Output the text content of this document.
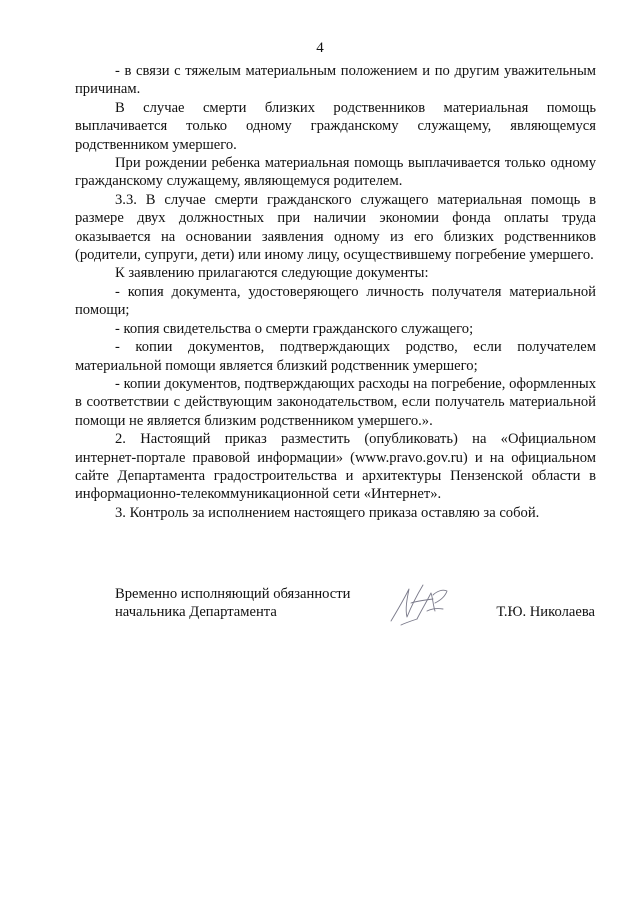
4

- в связи с тяжелым материальным положением и по другим уважительным причинам.

В случае смерти близких родственников материальная помощь выплачивается только одному гражданскому служащему, являющемуся родственником умершего.

При рождении ребенка материальная помощь выплачивается только одному гражданскому служащему, являющемуся родителем.

3.3. В случае смерти гражданского служащего материальная помощь в размере двух должностных при наличии экономии фонда оплаты труда оказывается на основании заявления одному из его близких родственников (родители, супруги, дети) или иному лицу, осуществившему погребение умершего.

К заявлению прилагаются следующие документы:

- копия документа, удостоверяющего личность получателя материальной помощи;

- копия свидетельства о смерти гражданского служащего;

- копии документов, подтверждающих родство, если получателем материальной помощи является близкий родственник умершего;

- копии документов, подтверждающих расходы на погребение, оформленных в соответствии с действующим законодательством, если получатель материальной помощи не является близким родственником умершего.».

2. Настоящий приказ разместить (опубликовать) на «Официальном интернет-портале правовой информации» (www.pravo.gov.ru) и на официальном сайте Департамента градостроительства и архитектуры Пензенской области в информационно-телекоммуникационной сети «Интернет».

3. Контроль за исполнением настоящего приказа оставляю за собой.

Временно исполняющий обязанности
начальника Департамента	Т.Ю. Николаева
